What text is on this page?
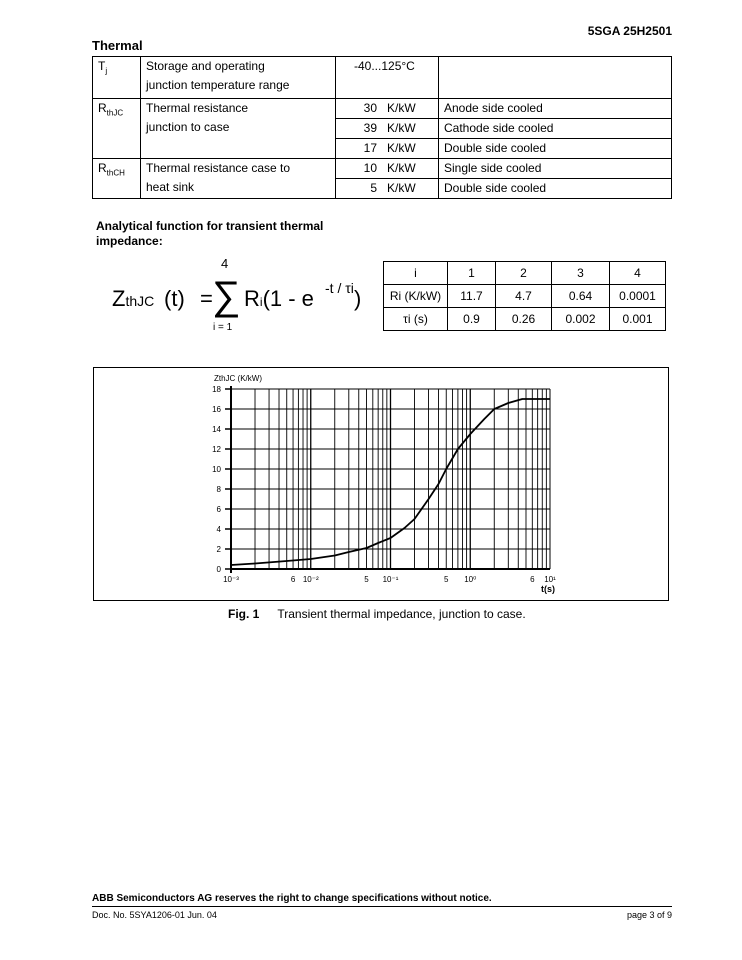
5SGA 25H2501
Thermal
$T_j$	Storage and operating
junction temperature range	-40...125°C	
$R_{thJC}$	Thermal resistance
junction to case	30 K/kW	Anode side cooled
		39 K/kW	Cathode side cooled
		17 K/kW	Double side cooled
$R_{thCH}$	Thermal resistance case to
heat sink	10 K/kW	Single side cooled
		5 K/kW	Double side cooled
Analytical function for transient thermal impedance:
ZthJC (t) =
4
∑
i = 1
Ri(1 - e -t / τi )
i	1	2	3	4
Ri (K/kW)	11.7	4.7	0.64	0.0001
τi (s)	0.9	0.26	0.002	0.001
0
2
4
6
8
10
12
14
16
18
10⁻³	6 10⁻²	5 10⁻¹	5 10⁰	6 10¹
ZthJC (K/kW)
t(s)
Fig. 1 Transient thermal impedance, junction to case.
ABB Semiconductors AG reserves the right to change specifications without notice.
Doc. No. 5SYA1206-01 Jun. 04	page 3 of 9
